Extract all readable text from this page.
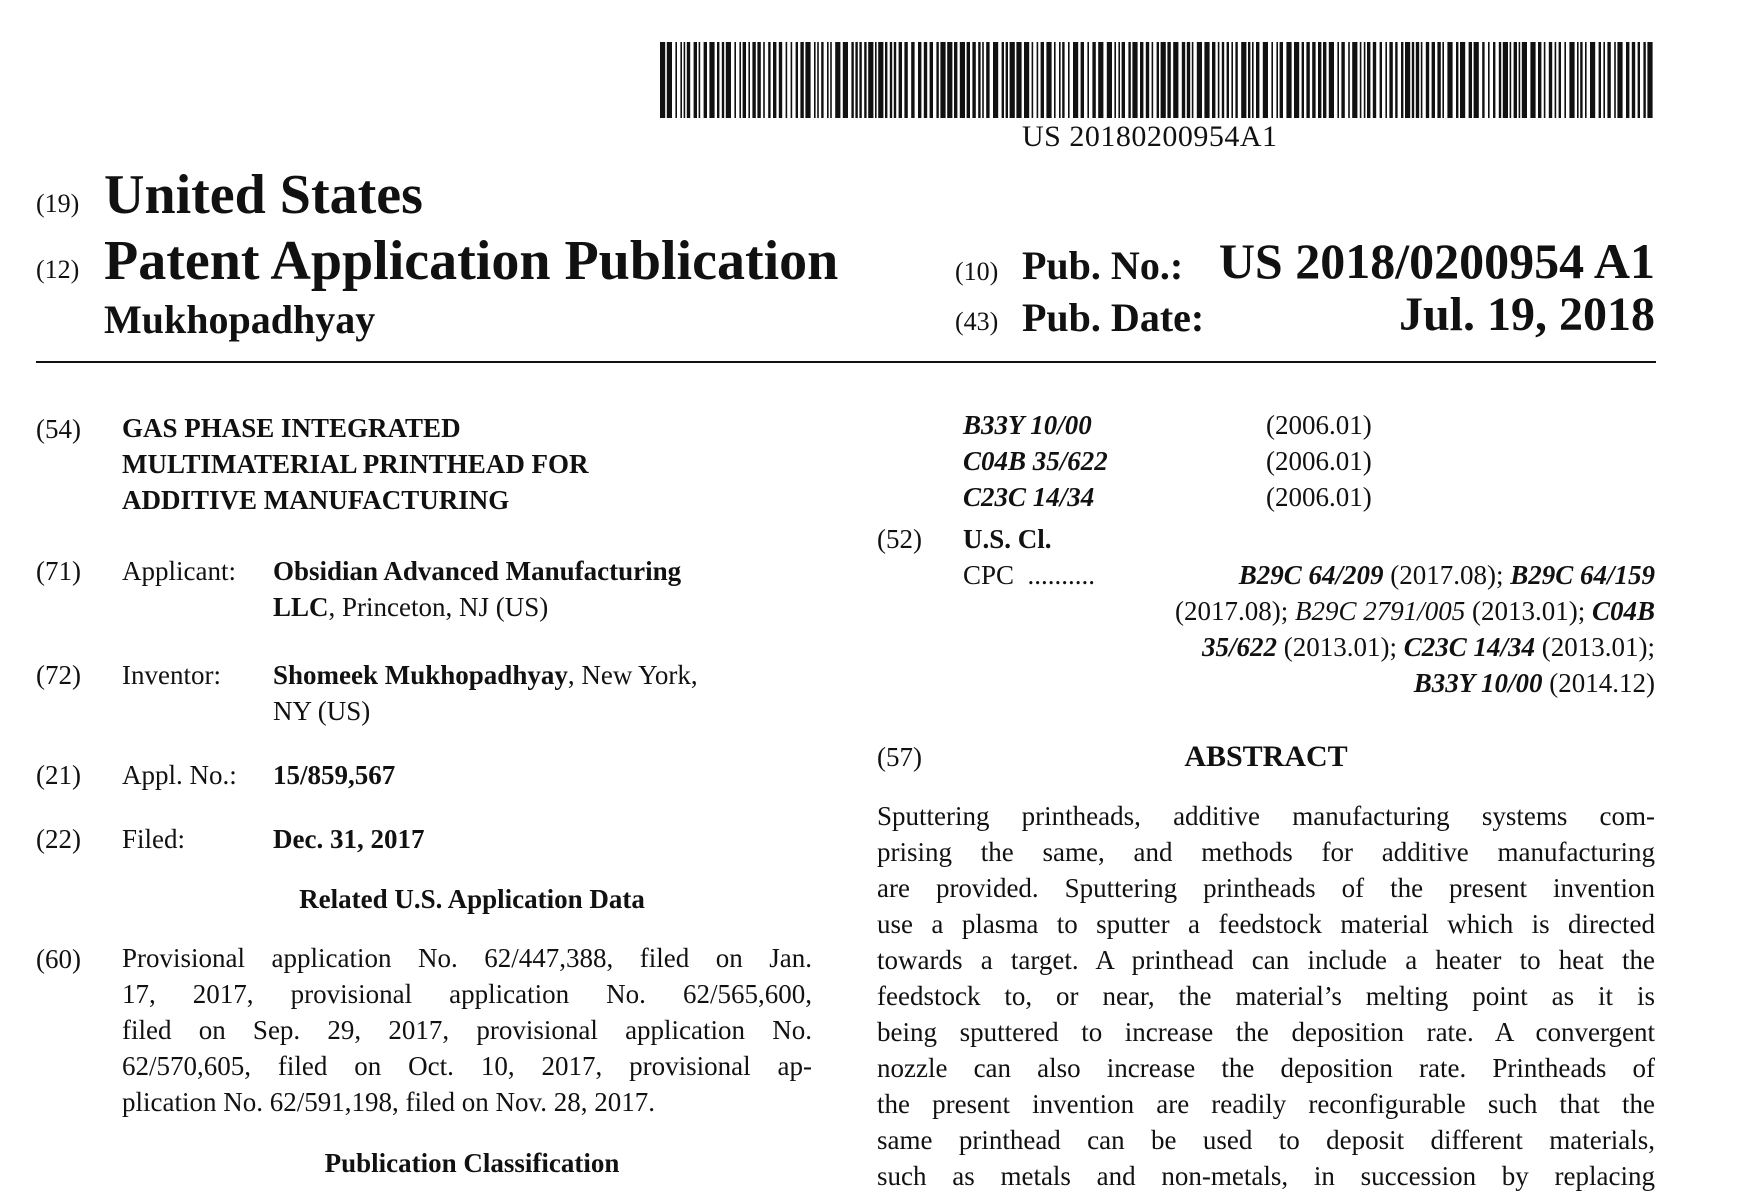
US 20180200954A1
(19) United States
(12) Patent Application Publication
Mukhopadhyay
(10) Pub. No.: US 2018/0200954 A1
(43) Pub. Date:	Jul. 19, 2018
(54) GAS PHASE INTEGRATED
MULTIMATERIAL PRINTHEAD FOR
ADDITIVE MANUFACTURING
(71) Applicant: Obsidian Advanced Manufacturing
LLC, Princeton, NJ (US)
(72) Inventor: Shomeek Mukhopadhyay, New York,
NY (US)
(21) Appl. No.: 15/859,567
(22) Filed:	Dec. 31, 2017
Related U.S. Application Data
(60) Provisional application No. 62/447,388, filed on Jan.
17, 2017, provisional application No. 62/565,600,
filed on Sep. 29, 2017, provisional application No.
62/570,605, filed on Oct. 10, 2017, provisional ap-
plication No. 62/591,198, filed on Nov. 28, 2017.
Publication Classification
B33Y 10/00	(2006.01)
C04B 35/622	(2006.01)
C23C 14/34	(2006.01)
(52) U.S. Cl.
CPC ..........	B29C 64/209 (2017.08); B29C 64/159
(2017.08); B29C 2791/005 (2013.01); C04B
35/622 (2013.01); C23C 14/34 (2013.01);
B33Y 10/00 (2014.12)
(57)	ABSTRACT
Sputtering printheads, additive manufacturing systems com-
prising the same, and methods for additive manufacturing
are provided. Sputtering printheads of the present invention
use a plasma to sputter a feedstock material which is directed
towards a target. A printhead can include a heater to heat the
feedstock to, or near, the material’s melting point as it is
being sputtered to increase the deposition rate. A convergent
nozzle can also increase the deposition rate. Printheads of
the present invention are readily reconfigurable such that the
same printhead can be used to deposit different materials,
such as metals and non-metals, in succession by replacing
